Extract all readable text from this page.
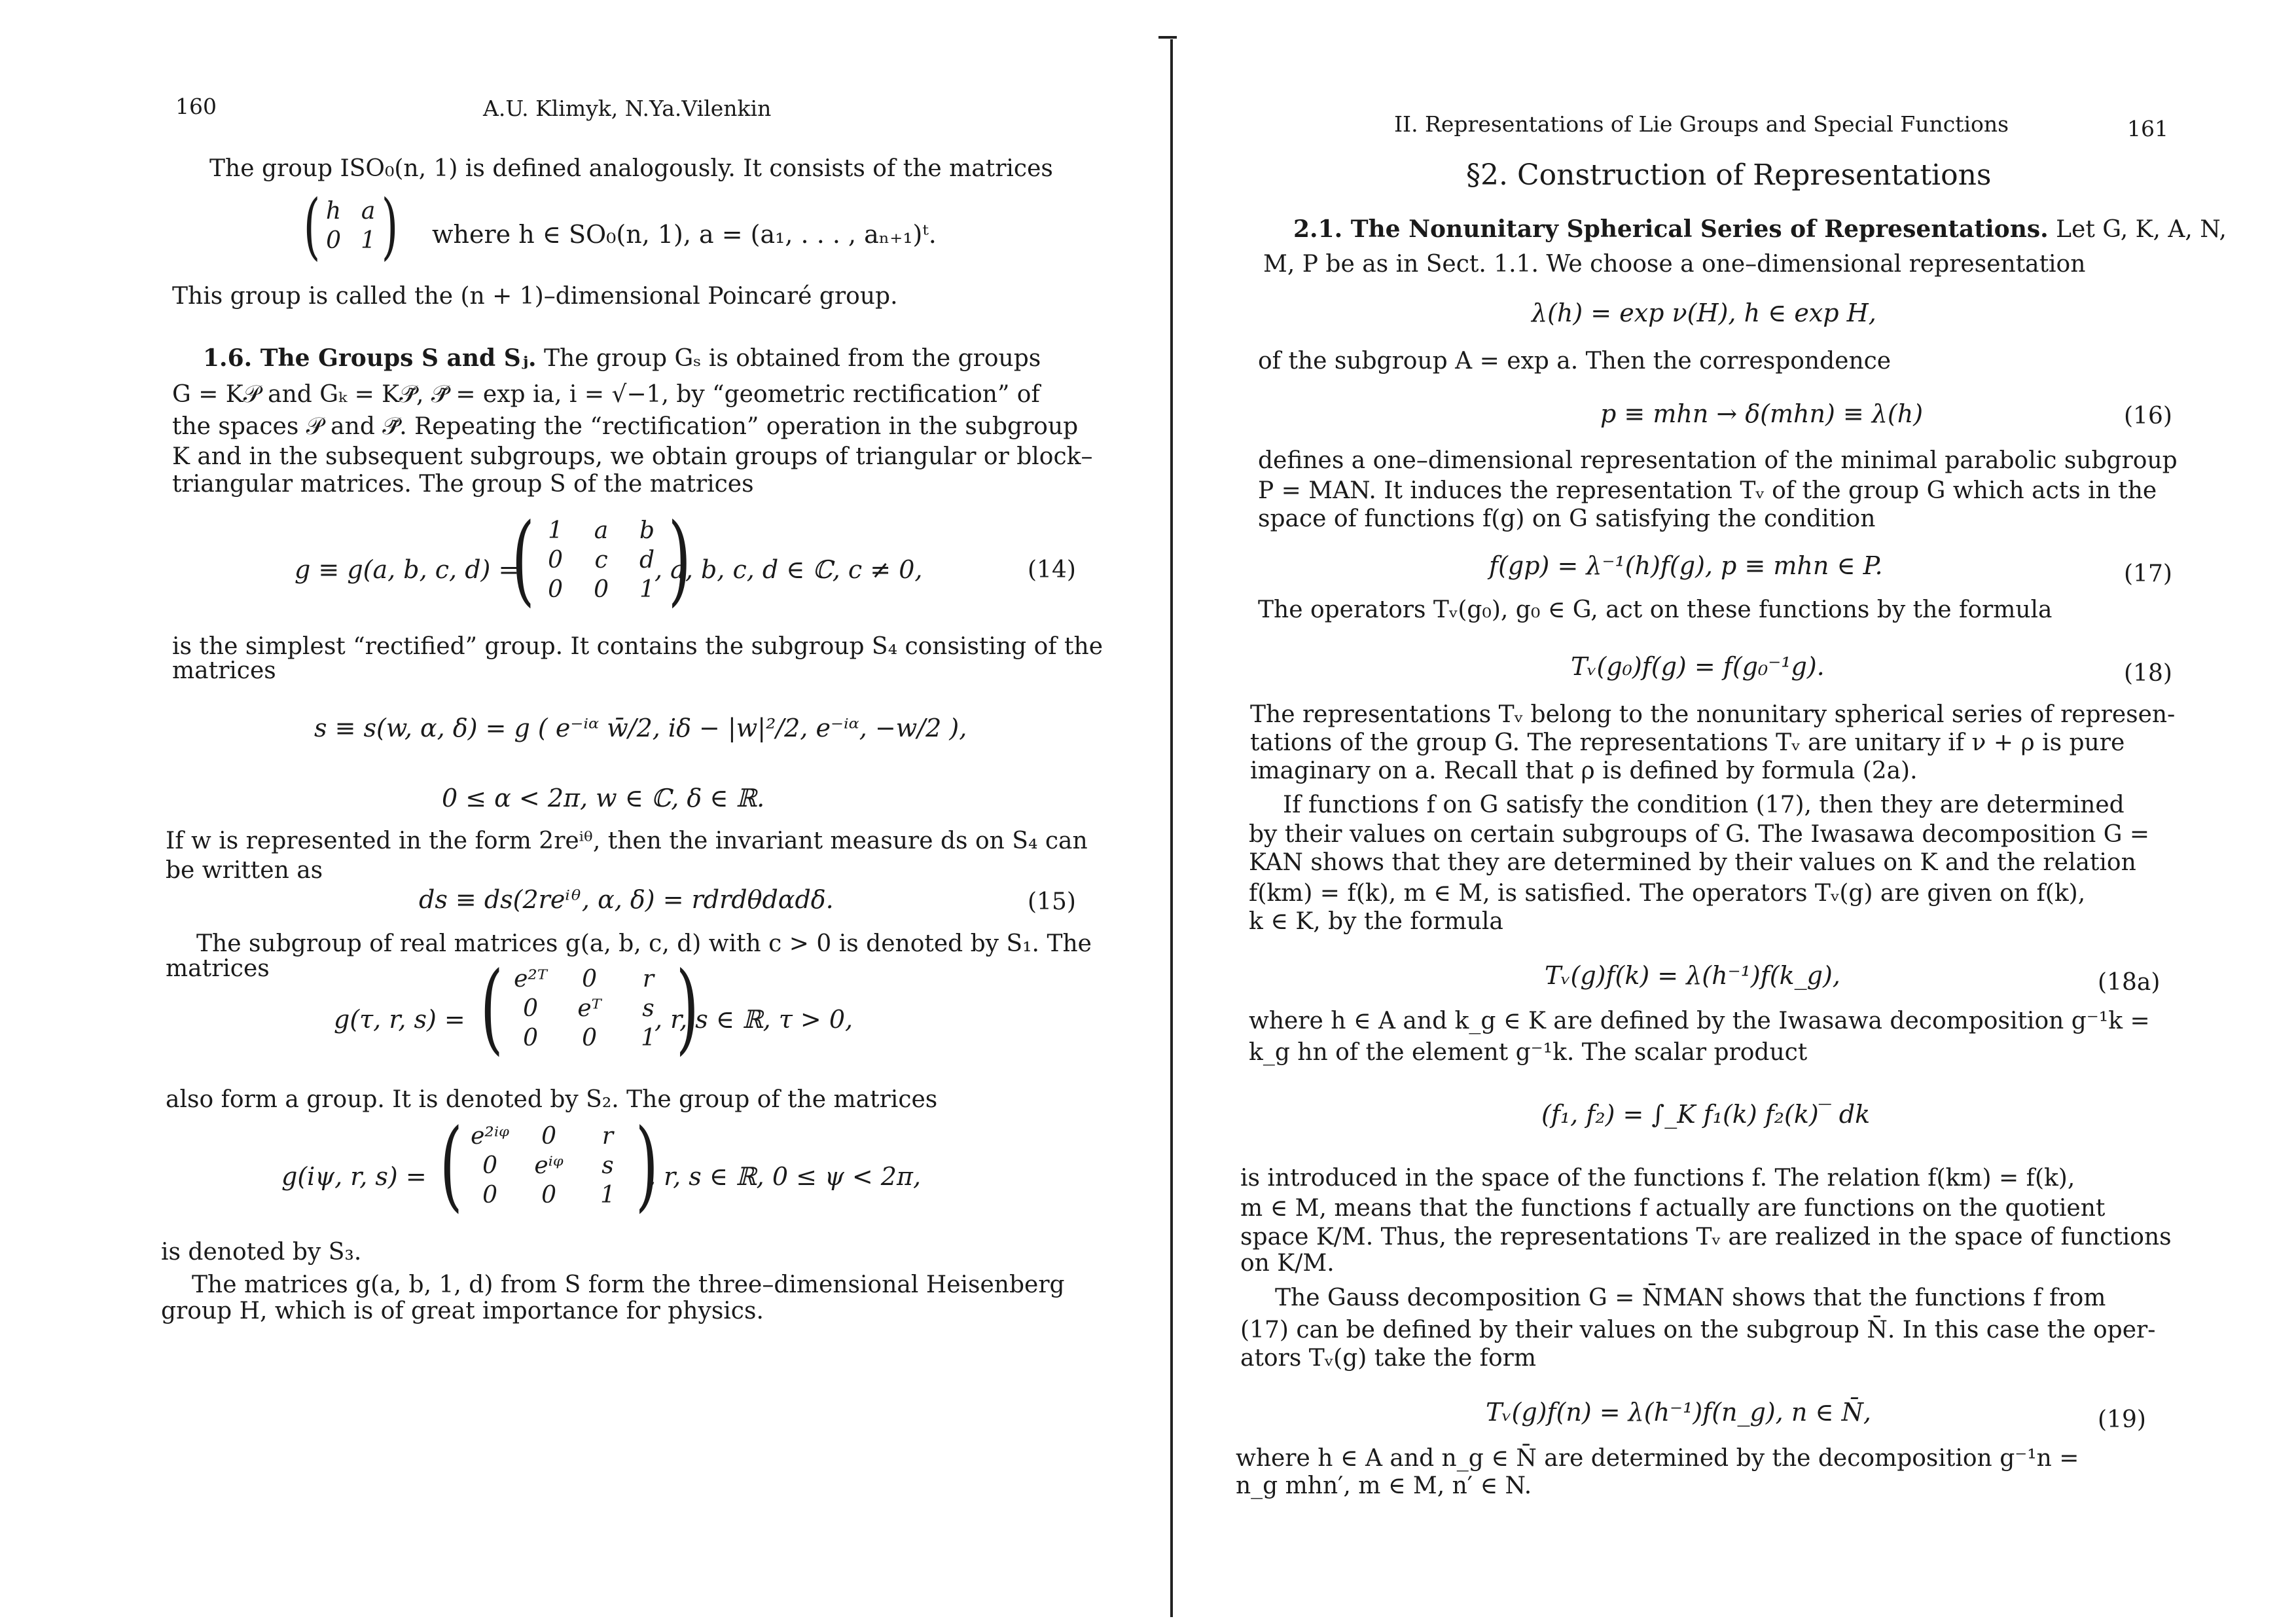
160	A.U. Klimyk, N.Ya.Vilenkin
The group ISO₀(n, 1) is defined analogously. It consists of the matrices
( h a
0 1 ) where h ∈ SO₀(n, 1), a = (a₁, . . . , aₙ₊₁)ᵗ.
This group is called the (n + 1)–dimensional Poincaré group.
1.6. The Groups S and Sⱼ. The group Gₛ is obtained from the groups
G = K𝒫 and Gₖ = K𝒫̃, 𝒫̃ = exp ia, i = √−1, by “geometric rectification” of
the spaces 𝒫 and 𝒫̃. Repeating the “rectification” operation in the subgroup
K and in the subsequent subgroups, we obtain groups of triangular or block–
triangular matrices. The group S of the matrices
g ≡ g(a, b, c, d) =
( 1 a b
0 c d
0 0 1 )
, a, b, c, d ∈ ℂ, c ≠ 0,	(14)
is the simplest “rectified” group. It contains the subgroup S₄ consisting of the
matrices
s ≡ s(w, α, δ) = g ( e⁻ⁱᵅ w̄/2, iδ − |w|²/2, e⁻ⁱᵅ, −w/2 ),
0 ≤ α < 2π, w ∈ ℂ, δ ∈ ℝ.
If w is represented in the form 2reⁱᶿ, then the invariant measure ds on S₄ can
be written as
ds ≡ ds(2reⁱᶿ, α, δ) = rdrdθdαdδ.	(15)
The subgroup of real matrices g(a, b, c, d) with c > 0 is denoted by S₁. The
matrices
g(τ, r, s) = ( e²ᵀ	0	r
0	eᵀ	s
0	0	1 )
, r, s ∈ ℝ, τ > 0,
also form a group. It is denoted by S₂. The group of the matrices
g(iψ, r, s) = ( e²ⁱᵠ	0	r
0	eⁱᵠ	s
0	0	1 )
, r, s ∈ ℝ, 0 ≤ ψ < 2π,
is denoted by S₃.
The matrices g(a, b, 1, d) from S form the three–dimensional Heisenberg
group H, which is of great importance for physics.
II. Representations of Lie Groups and Special Functions	161
§2. Construction of Representations
2.1. The Nonunitary Spherical Series of Representations. Let G, K, A, N,
M, P be as in Sect. 1.1. We choose a one–dimensional representation
λ(h) = exp ν(H), h ∈ exp H,
of the subgroup A = exp a. Then the correspondence
p ≡ mhn → δ(mhn) ≡ λ(h)	(16)
defines a one–dimensional representation of the minimal parabolic subgroup
P = MAN. It induces the representation Tᵥ of the group G which acts in the
space of functions f(g) on G satisfying the condition
f(gp) = λ⁻¹(h)f(g), p ≡ mhn ∈ P.	(17)
The operators Tᵥ(g₀), g₀ ∈ G, act on these functions by the formula
Tᵥ(g₀)f(g) = f(g₀⁻¹g).	(18)
The representations Tᵥ belong to the nonunitary spherical series of represen-
tations of the group G. The representations Tᵥ are unitary if ν + ρ is pure
imaginary on a. Recall that ρ is defined by formula (2a).
If functions f on G satisfy the condition (17), then they are determined
by their values on certain subgroups of G. The Iwasawa decomposition G =
KAN shows that they are determined by their values on K and the relation
f(km) = f(k), m ∈ M, is satisfied. The operators Tᵥ(g) are given on f(k),
k ∈ K, by the formula
Tᵥ(g)f(k) = λ(h⁻¹)f(k_g),	(18a)
where h ∈ A and k_g ∈ K are defined by the Iwasawa decomposition g⁻¹k =
k_g hn of the element g⁻¹k. The scalar product
(f₁, f₂) = ∫_K f₁(k) f₂(k)‾ dk
is introduced in the space of the functions f. The relation f(km) = f(k),
m ∈ M, means that the functions f actually are functions on the quotient
space K/M. Thus, the representations Tᵥ are realized in the space of functions
on K/M.
The Gauss decomposition G = N̄MAN shows that the functions f from
(17) can be defined by their values on the subgroup N̄. In this case the oper-
ators Tᵥ(g) take the form
Tᵥ(g)f(n) = λ(h⁻¹)f(n_g), n ∈ N̄,	(19)
where h ∈ A and n_g ∈ N̄ are determined by the decomposition g⁻¹n =
n_g mhn′, m ∈ M, n′ ∈ N.
